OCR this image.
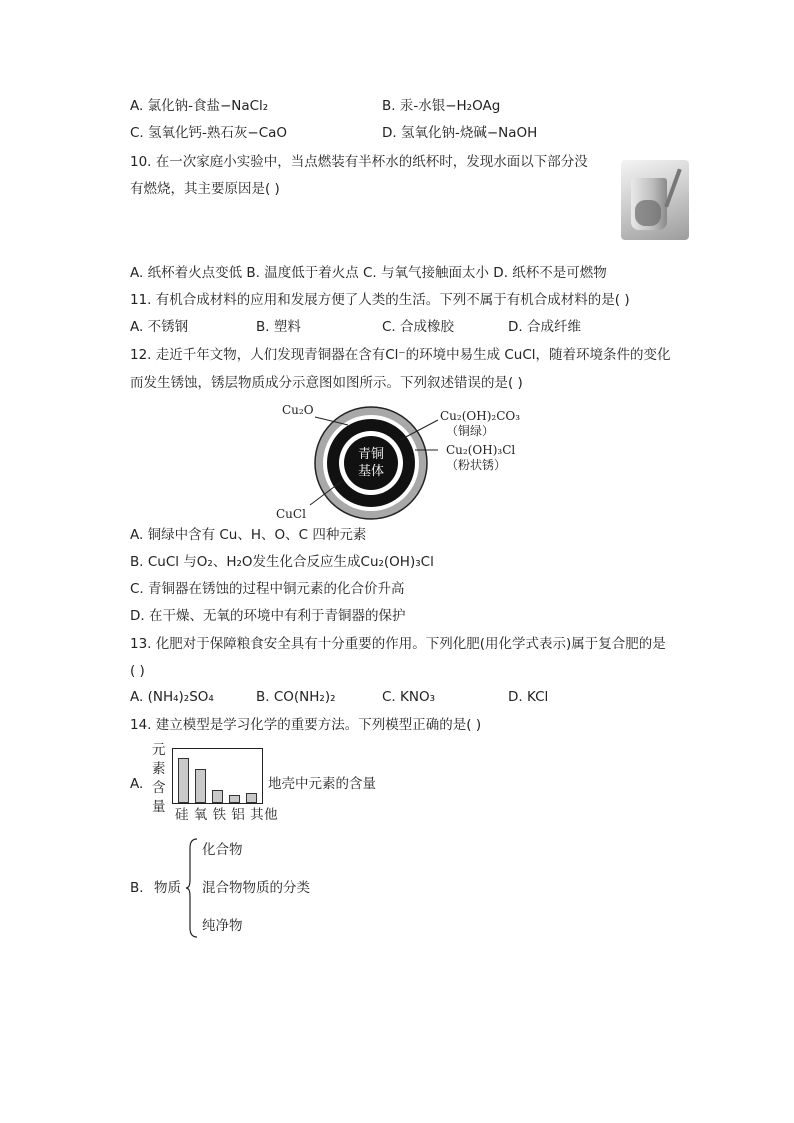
A. 氯化钠-食盐−NaCl₂	B. 汞-水银−H₂OAg
C. 氢氧化钙-熟石灰−CaO	D. 氢氧化钠-烧碱−NaOH
10. 在一次家庭小实验中，当点燃装有半杯水的纸杯时，发现水面以下部分没
有燃烧，其主要原因是( )
A. 纸杯着火点变低 B. 温度低于着火点 C. 与氧气接触面太小 D. 纸杯不是可燃物
11. 有机合成材料的应用和发展方便了人类的生活。下列不属于有机合成材料的是( )
A. 不锈钢	B. 塑料	C. 合成橡胶	D. 合成纤维
12. 走近千年文物，人们发现青铜器在含有Cl⁻的环境中易生成 CuCl，随着环境条件的变化
而发生锈蚀，锈层物质成分示意图如图所示。下列叙述错误的是( )
Cu₂O	Cu₂(OH)₂CO₃
（铜绿）
Cu₂(OH)₃Cl
（粉状锈）
CuCl
青铜
基体
A. 铜绿中含有 Cu、H、O、C 四种元素
B. CuCl 与O₂、H₂O发生化合反应生成Cu₂(OH)₃Cl
C. 青铜器在锈蚀的过程中铜元素的化合价升高
D. 在干燥、无氧的环境中有利于青铜器的保护
13. 化肥对于保障粮食安全具有十分重要的作用。下列化肥(用化学式表示)属于复合肥的是
( )
A. (NH₄)₂SO₄	B. CO(NH₂)₂	C. KNO₃	D. KCl
14. 建立模型是学习化学的重要方法。下列模型正确的是( )
A.
元
素
含
量 硅 氧 铁 铝 其他
地壳中元素的含量
B. 物质
化合物
混合物物质的分类
纯净物
